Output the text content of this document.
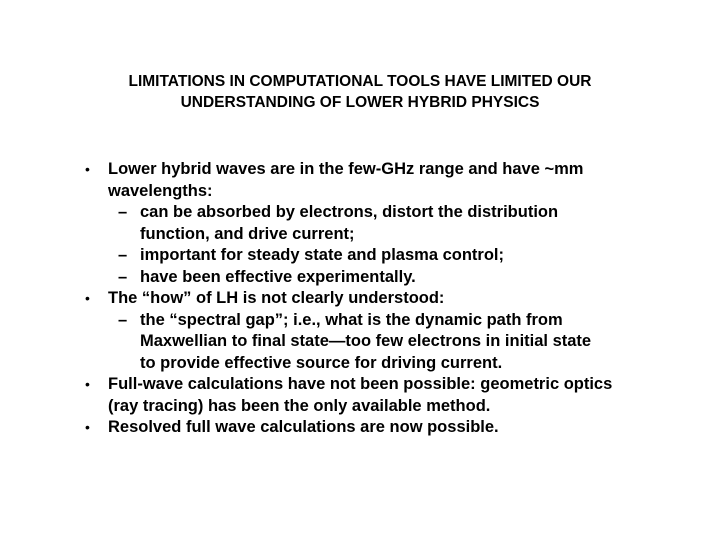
LIMITATIONS IN COMPUTATIONAL TOOLS HAVE LIMITED OUR
UNDERSTANDING OF LOWER HYBRID PHYSICS
• Lower hybrid waves are in the few-GHz range and have ~mm wavelengths:
– can be absorbed by electrons, distort the distribution function, and drive current;
– important for steady state and plasma control;
– have been effective experimentally.
• The “how” of LH is not clearly understood:
– the “spectral gap”; i.e., what is the dynamic path from Maxwellian to final state—too few electrons in initial state to provide effective source for driving current.
• Full-wave calculations have not been possible: geometric optics (ray tracing) has been the only available method.
• Resolved full wave calculations are now possible.
